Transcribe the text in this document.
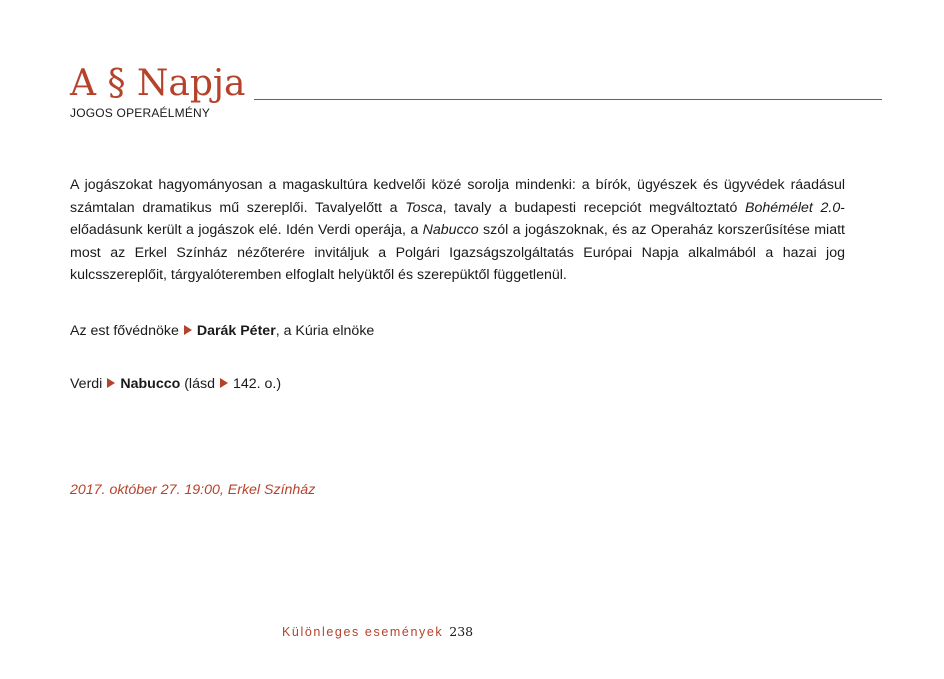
A § Napja
JOGOS OPERAÉLMÉNY
A jogászokat hagyományosan a magaskultúra kedvelői közé sorolja mindenki: a bírók, ügyészek és ügyvédek ráadásul számtalan dramatikus mű szereplői. Tavalyelőtt a Tosca, tavaly a budapesti recepciót megváltoztató Bohémélet 2.0-előadásunk került a jogászok elé. Idén Verdi operája, a Nabucco szól a jogászoknak, és az Operaház korszerűsítése miatt most az Erkel Színház nézőterére invitáljuk a Polgári Igazságszolgáltatás Európai Napja alkalmából a hazai jog kulcsszereplőit, tárgyalóteremben elfoglalt helyüktől és szerepüktől függetlenül.
Az est fővédnöke Darák Péter, a Kúria elnöke
Verdi Nabucco (lásd 142. o.)
2017. október 27. 19:00, Erkel Színház
Különleges események 238
